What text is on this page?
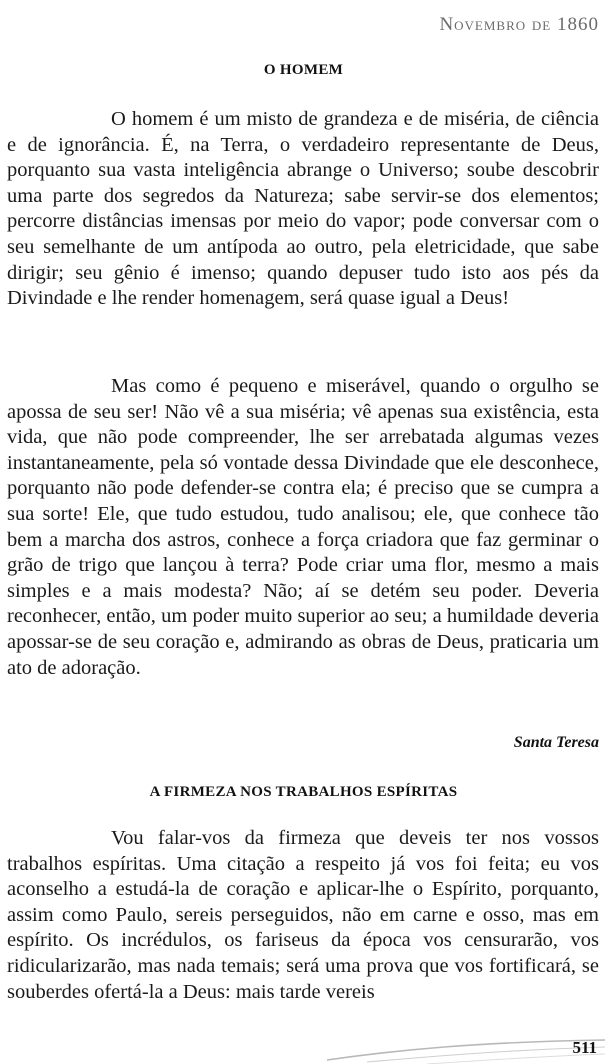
Novembro de 1860
O HOMEM

O homem é um misto de grandeza e de miséria, de ciência e de ignorância. É, na Terra, o verdadeiro representante de Deus, porquanto sua vasta inteligência abrange o Universo; soube descobrir uma parte dos segredos da Natureza; sabe servir-se dos elementos; percorre distâncias imensas por meio do vapor; pode conversar com o seu semelhante de um antípoda ao outro, pela eletricidade, que sabe dirigir; seu gênio é imenso; quando depuser tudo isto aos pés da Divindade e lhe render homenagem, será quase igual a Deus!

Mas como é pequeno e miserável, quando o orgulho se apossa de seu ser! Não vê a sua miséria; vê apenas sua existência, esta vida, que não pode compreender, lhe ser arrebatada algumas vezes instantaneamente, pela só vontade dessa Divindade que ele desconhece, porquanto não pode defender-se contra ela; é preciso que se cumpra a sua sorte! Ele, que tudo estudou, tudo analisou; ele, que conhece tão bem a marcha dos astros, conhece a força criadora que faz germinar o grão de trigo que lançou à terra? Pode criar uma flor, mesmo a mais simples e a mais modesta? Não; aí se detém seu poder. Deveria reconhecer, então, um poder muito superior ao seu; a humildade deveria apossar-se de seu coração e, admirando as obras de Deus, praticaria um ato de adoração.

Santa Teresa
A FIRMEZA NOS TRABALHOS ESPÍRITAS

Vou falar-vos da firmeza que deveis ter nos vossos trabalhos espíritas. Uma citação a respeito já vos foi feita; eu vos aconselho a estudá-la de coração e aplicar-lhe o Espírito, porquanto, assim como Paulo, sereis perseguidos, não em carne e osso, mas em espírito. Os incrédulos, os fariseus da época vos censurarão, vos ridicularizarão, mas nada temais; será uma prova que vos fortificará, se souberdes ofertá-la a Deus: mais tarde vereis

511
